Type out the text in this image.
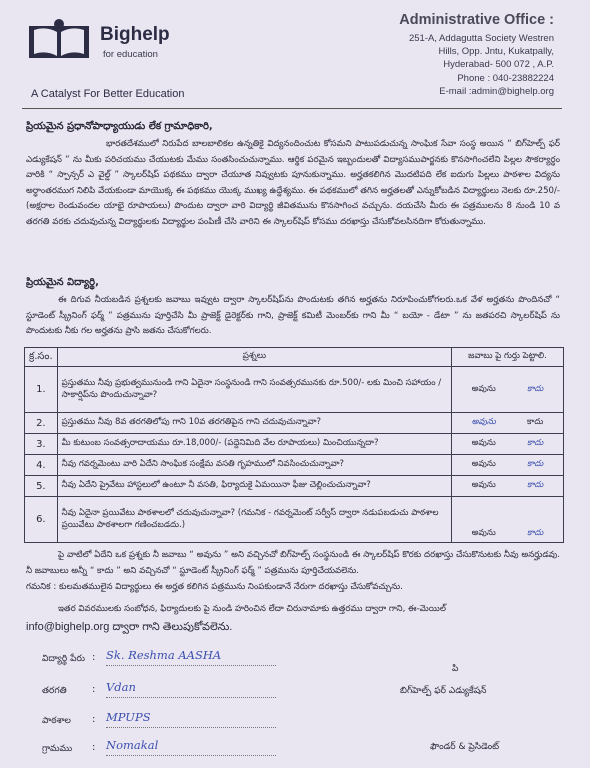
Bighelp
for education
A Catalyst For Better Education
Administrative Office :
251-A, Addagutta Society Westren
Hills, Opp. Jntu, Kukatpally,
Hyderabad- 500 072 , A.P.
Phone : 040-23882224
E-mail :admin@bighelp.org
ప్రియమైన ప్రధానోపాధ్యాయుడు లేక గ్రామాధికారి,
భారతదేశములో నిరుపేద బాలబాలికల ఉన్నతికై విద్యనందించుట కోసమని పాటుపడుచున్న సాంఘిక సేవా సంస్థ అయిన “ బిగ్‌హెల్ప్ ఫర్ ఎడ్యుకేషన్ ” ను మీకు పరిచయము చేయుటకు మేము సంతసించుచున్నాము. ఆర్థిక పరమైన ఇబ్బందులతో విద్యాసముపార్జనకు కొనసాగించలేని పిల్లల సౌకర్యార్ధం వారికి “ స్పాన్సర్ ఎ వైల్డ్ ” స్కాలర్‌షిప్ పథకము ద్వారా చేయూత నివ్వుటకు పూనుకున్నాము. అర్హతకలిగిన మొదటిపది లేక ఐదుగు పిల్లలు పాఠశాల విద్యను అర్ధాంతరముగ నిలిపి వేయకుండా మాయొక్క ఈ పథకము యొక్క ముఖ్య ఉద్దేశ్యము. ఈ పథకములో తగిన అర్హతలతో ఎన్నుకోబడిన విద్యార్థులు నెలకు రూ.250/-(అక్షరాల రెండువందల యాభై రూపాయలు) పొందుట ద్వారా వారి విద్యార్థి జీవితమును కొనసాగించ వచ్చును. దయచేసి మీరు ఈ పత్రములను 8 నుండి 10 వ తరగతి వరకు చదువుచున్న విద్యార్థులకు విద్యార్థుల పంపిణీ చేసి వారిని ఈ స్కాలర్‌షిప్ కోసము దరఖాస్తు చేసుకోవలసినదిగా కోరుతున్నాము.
ప్రియమైన విద్యార్థి,
ఈ దిగువ నీయబడిన ప్రశ్నలకు జవాబు ఇవ్వుట ద్వారా స్కాలర్‌షిప్‌ను పొందుటకు తగిన అర్హతను నిరూపించుకోగలరు.ఒక వేళ అర్హతను పొందినచో “ స్టూడెంట్ స్క్రీనింగ్ ఫర్మ్ ” పత్రమును పూర్తిచేసి మీ ప్రాజెక్ట్ డైరెక్టర్‌కు గాని, ప్రాజెక్ట్ కమిటీ మెంబర్‌కు గాని మీ “ బయో - డేటా ” ను జతపరచి స్కాలర్‌షిప్ ను పొందుటకు నీకు గల అర్హతను ప్రాసి జతను చేసుకోగలరు.
క్ర.సం.	ప్రశ్నలు	జవాబు పై గుర్తు పెట్టాలి.
1.	ప్రస్తుతము నీవు ప్రభుత్వమునుండి గాని ఏదైనా సంస్థనుండి గాని సంవత్సరమునకు రూ.500/- లకు మించి సహాయం / సాకార్షిప్‌ను పొందుచున్నావా?	అవును కాదు

2.	ప్రస్తుతము నీవు 8వ తరగతిలోపు గాని 10వ తరగతిపైన గాని చదువుచున్నావా?	అవును కాదు

3.	మీ కుటుంబ సంవత్సరాదాయము రూ.18,000/- (పద్దెనిమిది వేల రూపాయలు) మించియున్నదా?	అవును కాదు

4.	నీవు గవర్నమెంటు వారి ఏదేని సాంఘిక సంక్షేమ వసతి గృహములో నివసించుచున్నావా?	అవును కాదు

5.	నీవు ఏదేని ప్రైవేటు హాస్టలులో ఉంటూ నీ వసతి, ఫిర్యాదుకై ఏమయినా ఫీజు చెల్లించుచున్నావా?	అవును కాదు

6.	నీవు ఏదైనా ప్రయివేటు పాఠశాలలో చదువుచున్నావా? (గమనిక - గవర్నమెంట్ సర్వీస్ ద్వారా నడుపబడుచు పాఠశాల ప్రయివేటు పాఠశాలగా గణించబడదు.)	అవును కాదు
పై వాటిలో ఏదేని ఒక ప్రశ్నకు నీ జవాబు “ అవును ” అని వచ్చినచో బిగ్‌హెల్ప్ సంస్థనుండి ఈ స్కాలర్‌షిప్ కొరకు దరఖాస్తు చేసుకొనుటకు నీవు అనర్హుడవు. నీ జవాబులు అన్నీ “ కాదు ” అని వచ్చినచో “ స్టూడెంట్ స్క్రీనింగ్ ఫర్మ్ ” పత్రమును పూర్తిచేయవలెను.
గమనిక : కులమతములైన విద్యార్థులు ఈ అర్హత కలిగిన పత్రమును నింపకుండానే నేరుగా దరఖాస్తు చేసుకోవచ్చును.
ఇతర వివరములకు సంబోధన, ఫిర్యాదులకు పై నుండి హరించిన లేదా చిరునామాకు ఉత్తరము ద్వారా గాని, ఈ-మెయిల్
info@bighelp.org ద్వారా గాని తెలుపుకోవలెను.
విద్యార్థి పేరు : Sk. Reshma AASHA
తరగతి	: Vdan
పాఠశాల : MPUPS
గ్రామము : Nomakal
పి
బిగ్‌హెల్ప్ ఫర్ ఎడ్యుకేషన్
ఫౌండర్ & ప్రెసిడెంట్
